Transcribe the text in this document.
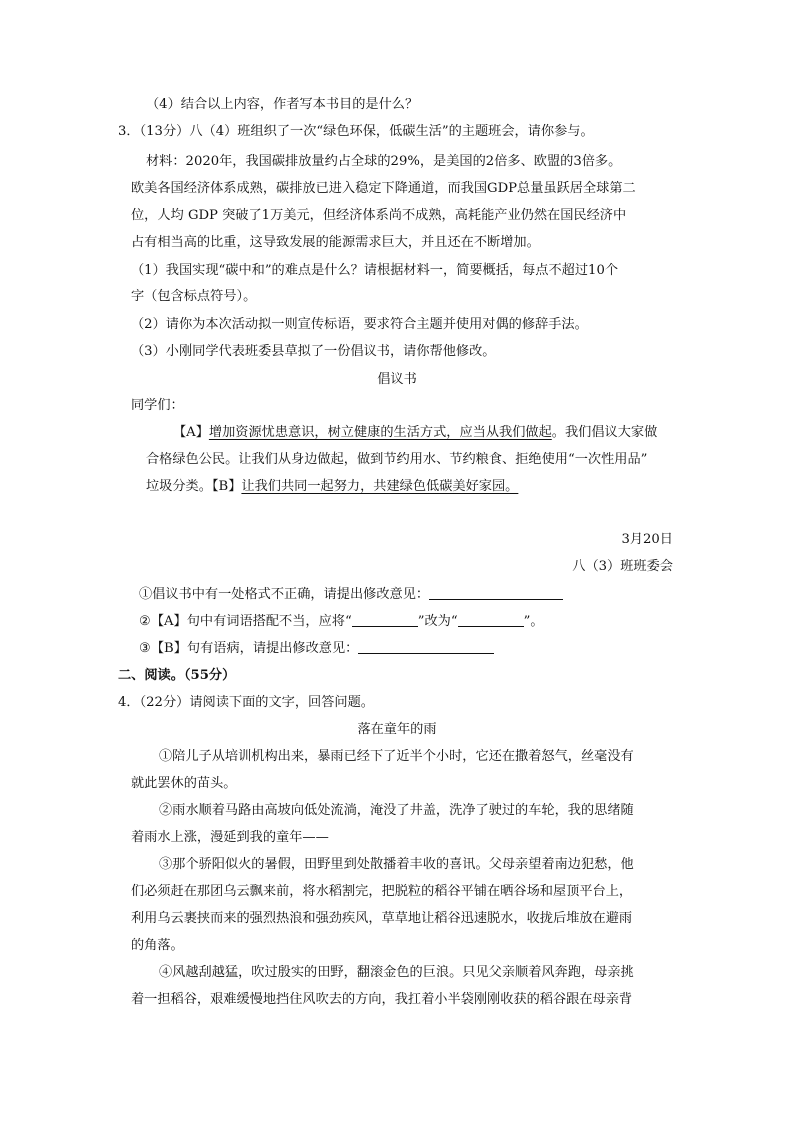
（4）结合以上内容，作者写本书目的是什么？
3．（13分）八（4）班组织了一次“绿色环保，低碳生活”的主题班会，请你参与。
材料：2020年，我国碳排放量约占全球的29%，是美国的2倍多、欧盟的3倍多。
欧美各国经济体系成熟，碳排放已进入稳定下降通道，而我国GDP总量虽跃居全球第二
位，人均 GDP 突破了1万美元，但经济体系尚不成熟，高耗能产业仍然在国民经济中
占有相当高的比重，这导致发展的能源需求巨大，并且还在不断增加。
（1）我国实现“碳中和”的难点是什么？请根据材料一，简要概括，每点不超过10个
字（包含标点符号）。
（2）请你为本次活动拟一则宣传标语，要求符合主题并使用对偶的修辞手法。
（3）小刚同学代表班委县草拟了一份倡议书，请你帮他修改。
倡议书
同学们：
【A】增加资源忧患意识，树立健康的生活方式，应当从我们做起。我们倡议大家做
合格绿色公民。让我们从身边做起，做到节约用水、节约粮食、拒绝使用“一次性用品”
垃圾分类。【B】让我们共同一起努力，共建绿色低碳美好家园。
3月20日
八（3）班班委会
①倡议书中有一处格式不正确，请提出修改意见：
②【A】句中有词语搭配不当，应将“	”改为“	”。
③【B】句有语病，请提出修改意见：
二、阅读。（55分）
4．（22分）请阅读下面的文字，回答问题。
落在童年的雨
①陪儿子从培训机构出来，暴雨已经下了近半个小时，它还在撒着怒气，丝毫没有
就此罢休的苗头。
②雨水顺着马路由高坡向低处流淌，淹没了井盖，洗净了驶过的车轮，我的思绪随
着雨水上涨，漫延到我的童年——
③那个骄阳似火的暑假，田野里到处散播着丰收的喜讯。父母亲望着南边犯愁，他
们必须赶在那团乌云飘来前，将水稻割完，把脱粒的稻谷平铺在晒谷场和屋顶平台上，
利用乌云裹挟而来的强烈热浪和强劲疾风，草草地让稻谷迅速脱水，收拢后堆放在避雨
的角落。
④风越刮越猛，吹过殷实的田野，翻滚金色的巨浪。只见父亲顺着风奔跑，母亲挑
着一担稻谷，艰难缓慢地挡住风吹去的方向，我扛着小半袋刚刚收获的稻谷跟在母亲背
